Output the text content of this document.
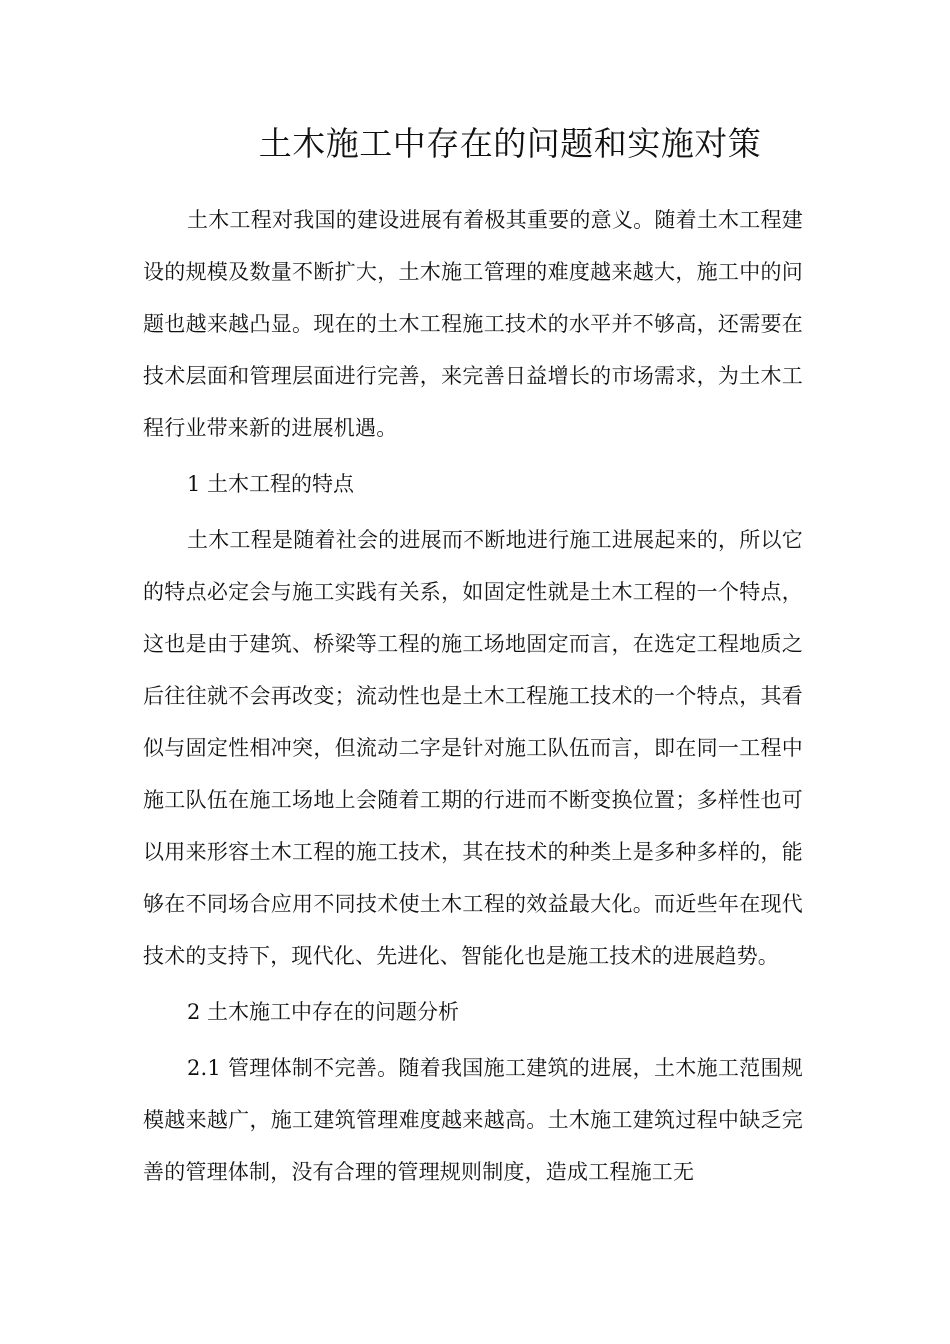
土木施工中存在的问题和实施对策

土木工程对我国的建设进展有着极其重要的意义。随着土木工程建设的规模及数量不断扩大，土木施工管理的难度越来越大，施工中的问题也越来越凸显。现在的土木工程施工技术的水平并不够高，还需要在技术层面和管理层面进行完善，来完善日益增长的市场需求，为土木工程行业带来新的进展机遇。

1 土木工程的特点

土木工程是随着社会的进展而不断地进行施工进展起来的，所以它的特点必定会与施工实践有关系，如固定性就是土木工程的一个特点，这也是由于建筑、桥梁等工程的施工场地固定而言，在选定工程地质之后往往就不会再改变；流动性也是土木工程施工技术的一个特点，其看似与固定性相冲突，但流动二字是针对施工队伍而言，即在同一工程中施工队伍在施工场地上会随着工期的行进而不断变换位置；多样性也可以用来形容土木工程的施工技术，其在技术的种类上是多种多样的，能够在不同场合应用不同技术使土木工程的效益最大化。而近些年在现代技术的支持下，现代化、先进化、智能化也是施工技术的进展趋势。

2 土木施工中存在的问题分析

2.1 管理体制不完善。随着我国施工建筑的进展，土木施工范围规模越来越广，施工建筑管理难度越来越高。土木施工建筑过程中缺乏完善的管理体制，没有合理的管理规则制度，造成工程施工无
